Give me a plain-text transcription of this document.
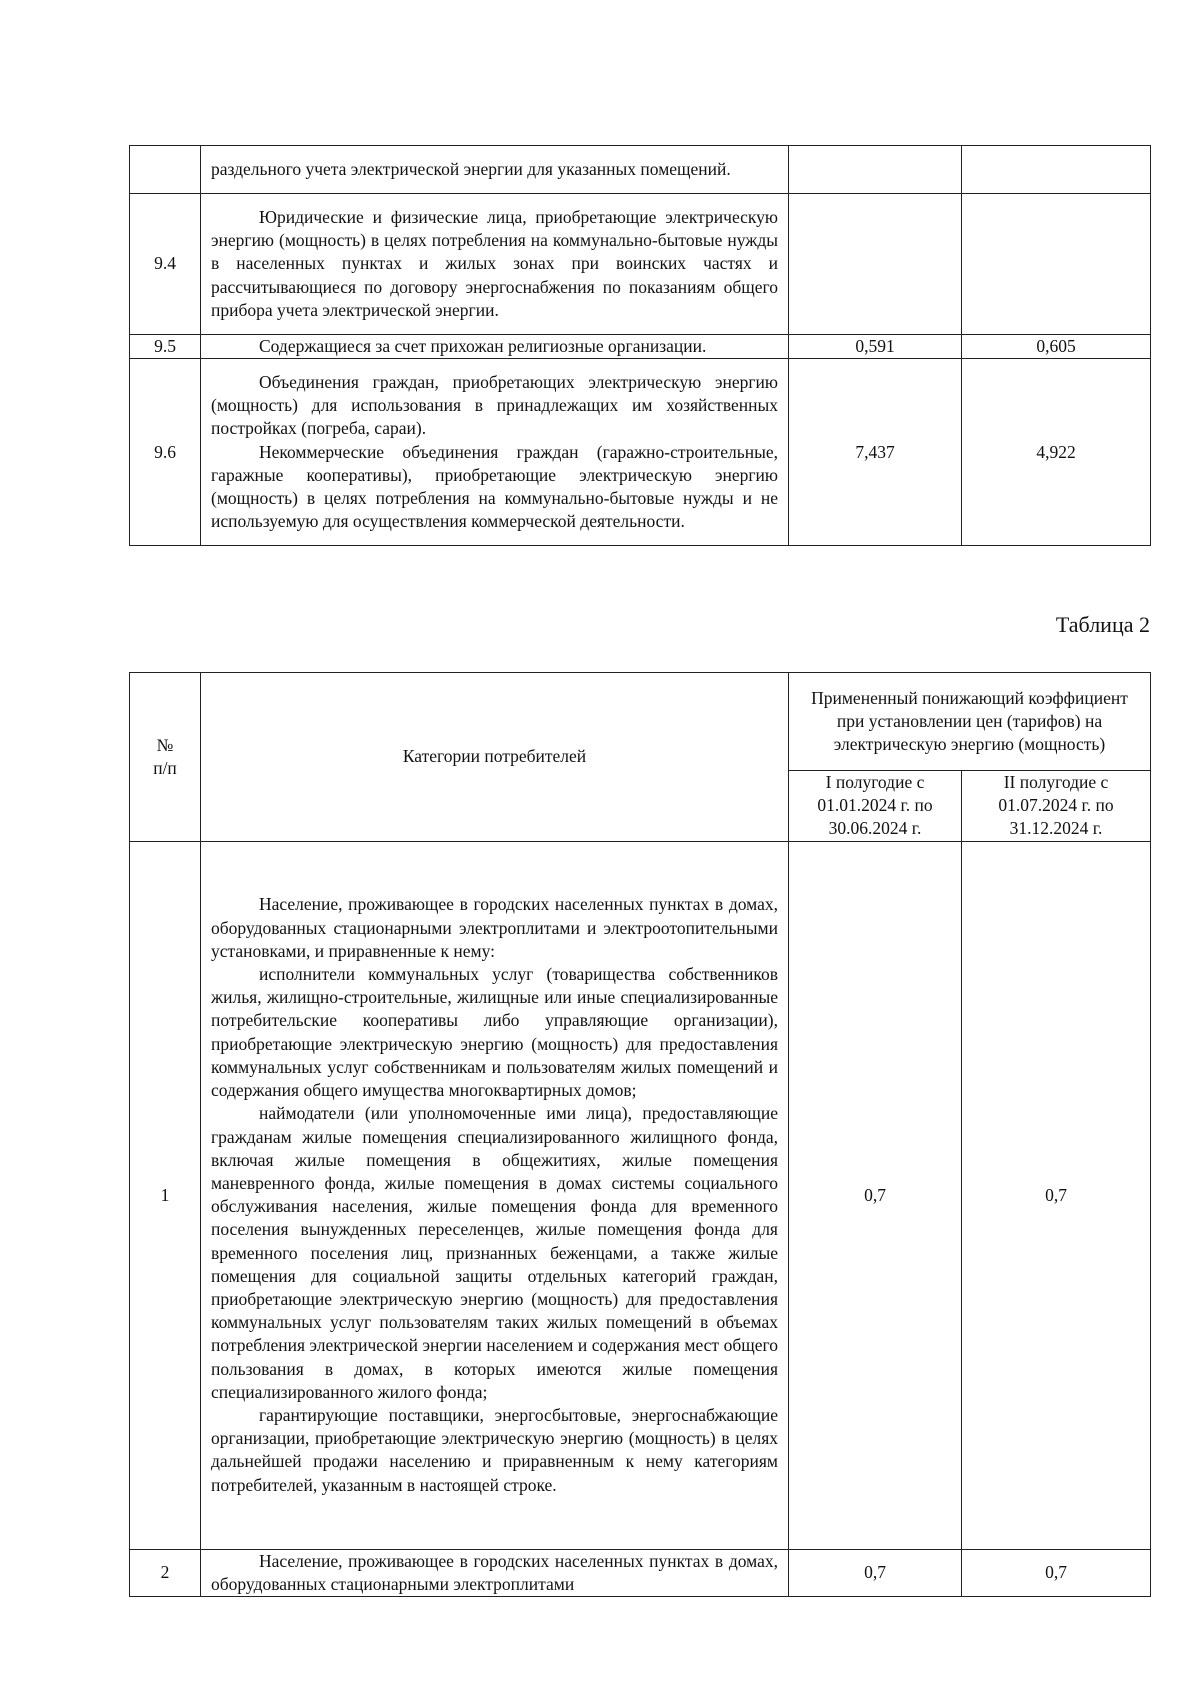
	раздельного учета электрической энергии для указанных помещений.		

9.4	Юридические и физические лица, приобретающие электрическую энергию (мощность) в целях потребления на коммунально-бытовые нужды в населенных пунктах и жилых зонах при воинских частях и рассчитывающиеся по договору энергоснабжения по показаниям общего прибора учета электрической энергии.		

9.5	Содержащиеся за счет прихожан религиозные организации.	0,591	0,605
9.6	Объединения граждан, приобретающих электрическую энергию (мощность) для использования в принадлежащих им хозяйственных постройках (погреба, сараи).

Некоммерческие объединения граждан (гаражно-строительные, гаражные кооперативы), приобретающие электрическую энергию (мощность) в целях потребления на коммунально-бытовые нужды и не используемую для осуществления коммерческой деятельности.	7,437	4,922
Таблица 2
№ п/п	Категории потребителей	Примененный понижающий коэффициент при установлении цен (тарифов) на электрическую энергию (мощность)	
		I полугодие с 01.01.2024 г. по 30.06.2024 г.	II полугодие с 01.07.2024 г. по 31.12.2024 г.
1	Население, проживающее в городских населенных пунктах в домах, оборудованных стационарными электроплитами и электроотопительными установками, и приравненные к нему:

исполнители коммунальных услуг (товарищества собственников жилья, жилищно-строительные, жилищные или иные специализированные потребительские кооперативы либо управляющие организации), приобретающие электрическую энергию (мощность) для предоставления коммунальных услуг собственникам и пользователям жилых помещений и содержания общего имущества многоквартирных домов;

наймодатели (или уполномоченные ими лица), предоставляющие гражданам жилые помещения специализированного жилищного фонда, включая жилые помещения в общежитиях, жилые помещения маневренного фонда, жилые помещения в домах системы социального обслуживания населения, жилые помещения фонда для временного поселения вынужденных переселенцев, жилые помещения фонда для временного поселения лиц, признанных беженцами, а также жилые помещения для социальной защиты отдельных категорий граждан, приобретающие электрическую энергию (мощность) для предоставления коммунальных услуг пользователям таких жилых помещений в объемах потребления электрической энергии населением и содержания мест общего пользования в домах, в которых имеются жилые помещения специализированного жилого фонда;

гарантирующие поставщики, энергосбытовые, энергоснабжающие организации, приобретающие электрическую энергию (мощность) в целях дальнейшей продажи населению и приравненным к нему категориям потребителей, указанным в настоящей строке.	0,7	0,7
2	Население, проживающее в городских населенных пунктах в домах, оборудованных стационарными электроплитами	0,7	0,7
